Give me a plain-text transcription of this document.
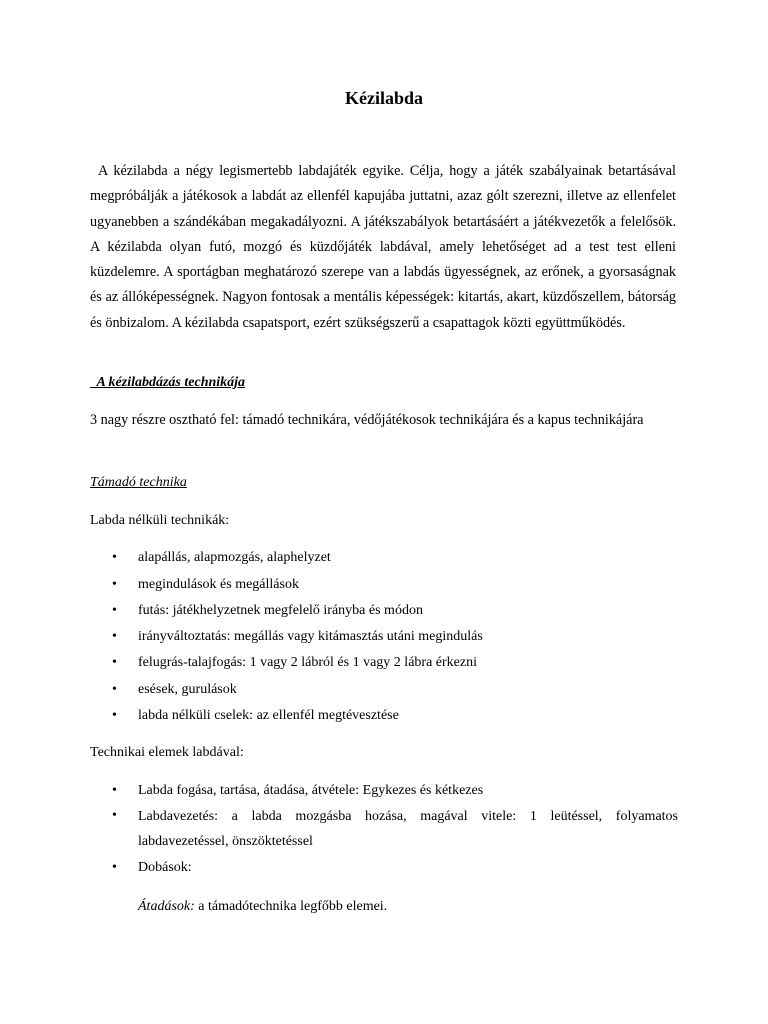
Kézilabda

A kézilabda a négy legismertebb labdajáték egyike. Célja, hogy a játék szabályainak betartásával megpróbálják a játékosok a labdát az ellenfél kapujába juttatni, azaz gólt szerezni, illetve az ellenfelet ugyanebben a szándékában megakadályozni. A játékszabályok betartásáért a játékvezetők a felelősök. A kézilabda olyan futó, mozgó és küzdőjáték labdával, amely lehetőséget ad a test test elleni küzdelemre. A sportágban meghatározó szerepe van a labdás ügyességnek, az erőnek, a gyorsaságnak és az állóképességnek. Nagyon fontosak a mentális képességek: kitartás, akart, küzdőszellem, bátorság és önbizalom. A kézilabda csapatsport, ezért szükségszerű a csapattagok közti együttműködés.

A kézilabdázás technikája

3 nagy részre osztható fel: támadó technikára, védőjátékosok technikájára és a kapus technikájára

Támadó technika
Labda nélküli technikák:
•	alapállás, alapmozgás, alaphelyzet
•	megindulások és megállások
•	futás: játékhelyzetnek megfelelő irányba és módon
•	irányváltoztatás: megállás vagy kitámasztás utáni megindulás
•	felugrás-talajfogás: 1 vagy 2 lábról és 1 vagy 2 lábra érkezni
•	esések, gurulások
•	labda nélküli cselek: az ellenfél megtévesztése
Technikai elemek labdával:
•	Labda fogása, tartása, átadása, átvétele: Egykezes és kétkezes
•	Labdavezetés: a labda mozgásba hozása, magával vitele: 1 leütéssel, folyamatos labdavezetéssel, önszöktetéssel
•	Dobások:
Átadások: a támadótechnika legfőbb elemei.
